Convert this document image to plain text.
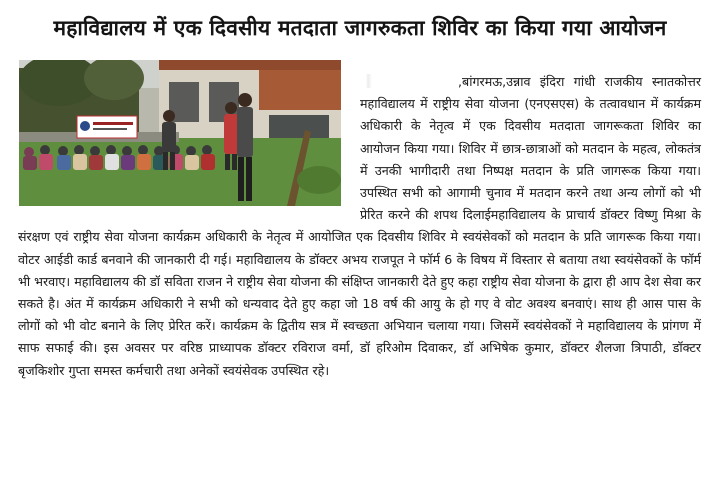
महाविद्यालय में एक दिवसीय मतदाता जागरुकता शिविर का किया गया आयोजन
,बांगरमऊ,उन्नाव इंदिरा गांधी राजकीय स्नातकोत्तर महाविद्यालय में राष्ट्रीय सेवा योजना (एनएसएस) के तत्वावधान में कार्यक्रम अधिकारी के नेतृत्व में एक दिवसीय मतदाता जागरूकता शिविर का आयोजन किया गया। शिविर में छात्र-छात्राओं को मतदान के महत्व, लोकतंत्र में उनकी भागीदारी तथा निष्पक्ष मतदान के प्रति जागरूक किया गया। उपस्थित सभी को आगामी चुनाव में मतदान करने तथा अन्य लोगों को भी प्रेरित करने की शपथ दिलाईमहाविद्यालय के प्राचार्य डॉक्टर विष्णु मिश्रा के संरक्षण एवं राष्ट्रीय सेवा योजना कार्यक्रम अधिकारी के नेतृत्व में आयोजित एक दिवसीय शिविर मे स्वयंसेवकों को मतदान के प्रति जागरूक किया गया। वोटर आईडी कार्ड बनवाने की जानकारी दी गई। महाविद्यालय के डॉक्टर अभय राजपूत ने फॉर्म 6 के विषय में विस्तार से बताया तथा स्वयंसेवकों के फॉर्म भी भरवाए। महाविद्यालय की डॉ सविता राजन ने राष्ट्रीय सेवा योजना की संक्षिप्त जानकारी देते हुए कहा राष्ट्रीय सेवा योजना के द्वारा ही आप देश सेवा कर सकते है। अंत में कार्यक्रम अधिकारी ने सभी को धन्यवाद देते हुए कहा जो 18 वर्ष की आयु के हो गए वे वोट अवश्य बनवाएं। साथ ही आस पास के लोगों को भी वोट बनाने के लिए प्रेरित करें। कार्यक्रम के द्वितीय सत्र में स्वच्छता अभियान चलाया गया। जिसमें स्वयंसेवकों ने महाविद्यालय के प्रांगण में साफ सफाई की। इस अवसर पर वरिष्ठ प्राध्यापक डॉक्टर रविराज वर्मा, डॉ हरिओम दिवाकर, डॉ अभिषेक कुमार, डॉक्टर शैलजा त्रिपाठी, डॉक्टर बृजकिशोर गुप्ता समस्त कर्मचारी तथा अनेकों स्वयंसेवक उपस्थित रहे।
